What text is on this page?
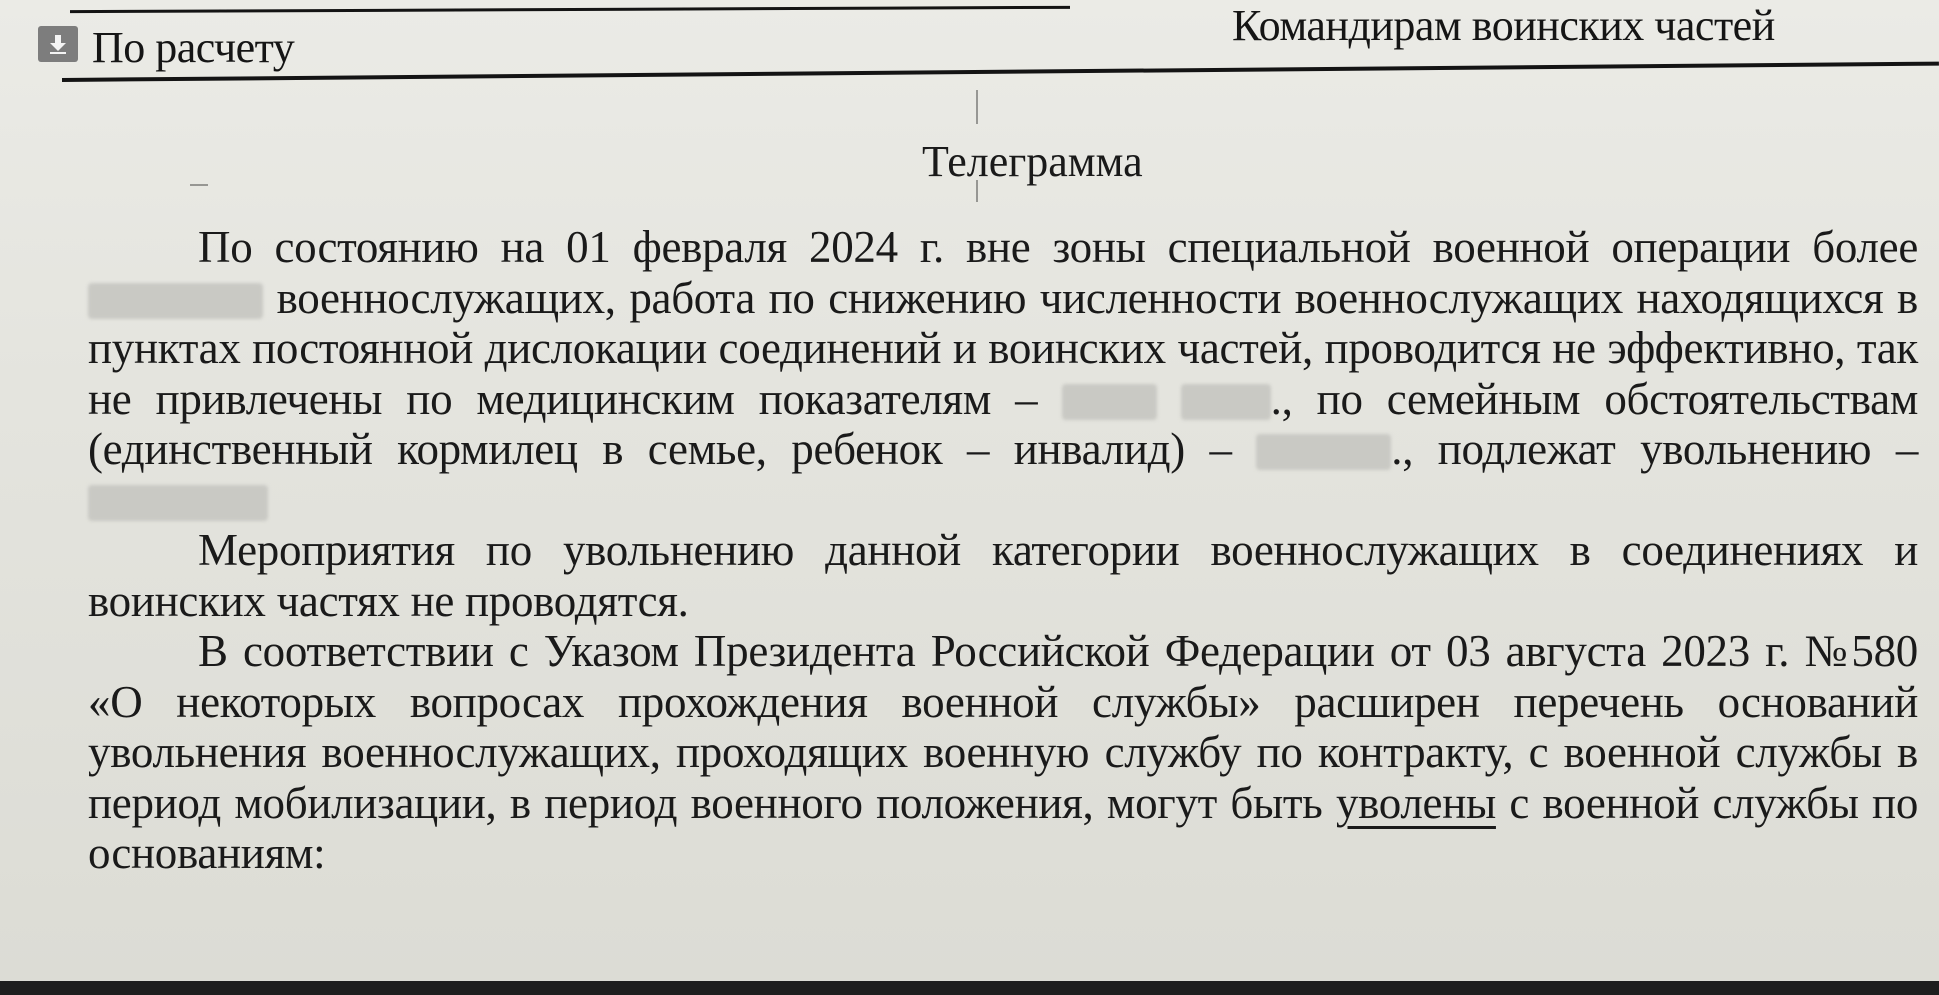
По расчету	Командирам воинских частей
Телеграмма

По состоянию на 01 февраля 2024 г. вне зоны специальной военной операции более  военнослужащих, работа по снижению численности военнослужащих находящихся в пунктах постоянной дислокации соединений и воинских частей, проводится не эффективно, так не привлечены по медицинским показателям –	., по семейным обстоятельствам (единственный кормилец в семье, ребенок – инвалид) –	., подлежат увольнению –

Мероприятия по увольнению данной категории военнослужащих в соединениях и воинских частях не проводятся.

В соответствии с Указом Президента Российской Федерации от 03 августа 2023 г. №580 «О некоторых вопросах прохождения военной службы» расширен перечень оснований увольнения военнослужащих, проходящих военную службу по контракту, с военной службы в период мобилизации, в период военного положения, могут быть уволены с военной службы по основаниям:
